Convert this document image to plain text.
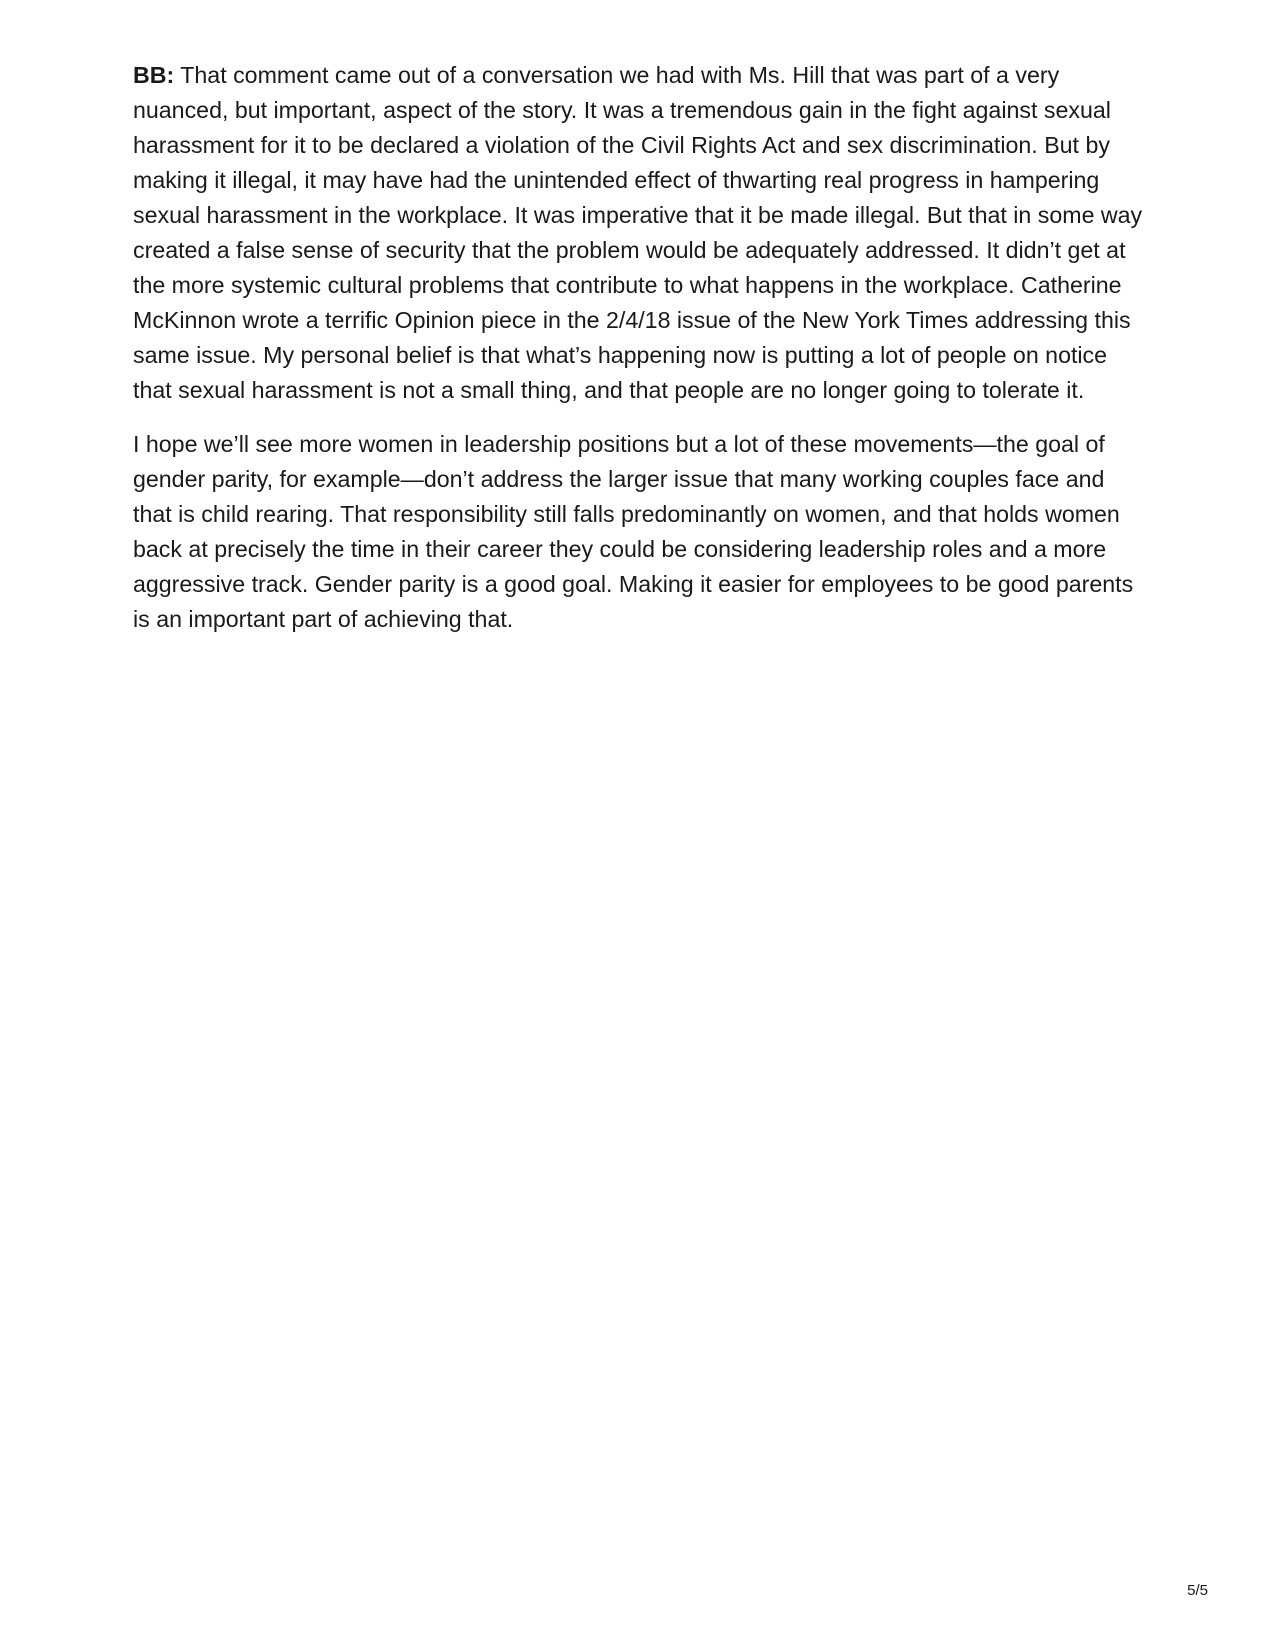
BB: That comment came out of a conversation we had with Ms. Hill that was part of a very nuanced, but important, aspect of the story. It was a tremendous gain in the fight against sexual harassment for it to be declared a violation of the Civil Rights Act and sex discrimination. But by making it illegal, it may have had the unintended effect of thwarting real progress in hampering sexual harassment in the workplace. It was imperative that it be made illegal. But that in some way created a false sense of security that the problem would be adequately addressed. It didn’t get at the more systemic cultural problems that contribute to what happens in the workplace. Catherine McKinnon wrote a terrific Opinion piece in the 2/4/18 issue of the New York Times addressing this same issue. My personal belief is that what’s happening now is putting a lot of people on notice that sexual harassment is not a small thing, and that people are no longer going to tolerate it.

I hope we’ll see more women in leadership positions but a lot of these movements—the goal of gender parity, for example—don’t address the larger issue that many working couples face and that is child rearing. That responsibility still falls predominantly on women, and that holds women back at precisely the time in their career they could be considering leadership roles and a more aggressive track. Gender parity is a good goal. Making it easier for employees to be good parents is an important part of achieving that.

5/5
